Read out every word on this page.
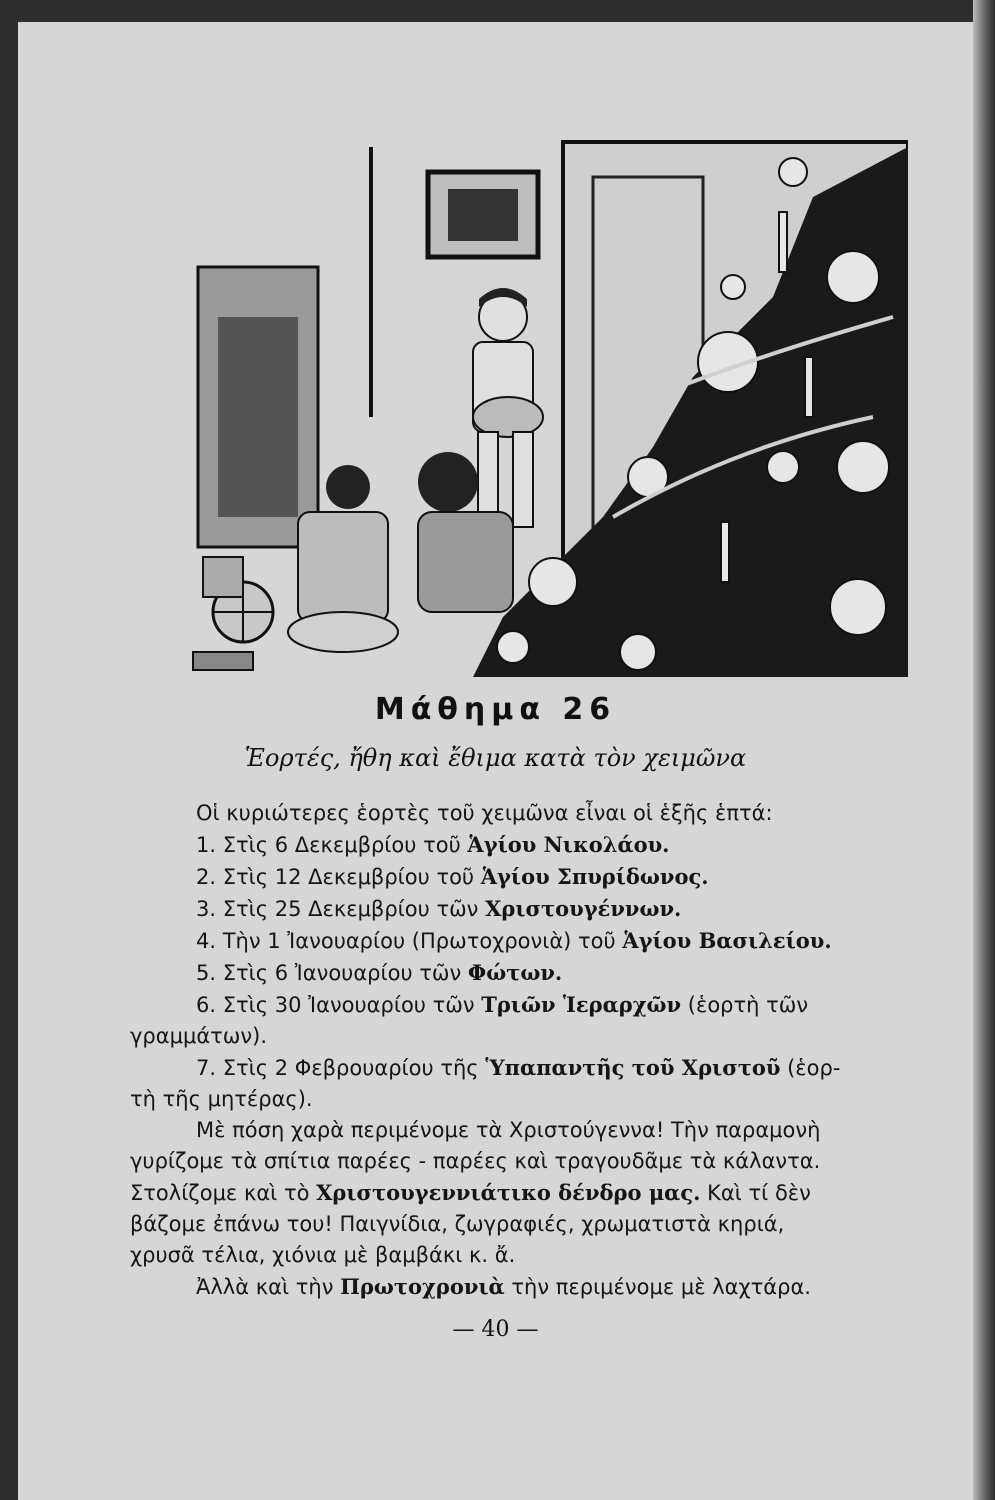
Μάθημα 26
Ἑορτές, ἤθη καὶ ἔθιμα κατὰ τὸν χειμῶνα
Οἱ κυριώτερες ἑορτὲς τοῦ χειμῶνα εἶναι οἱ ἑξῆς ἑπτά:
1. Στὶς 6 Δεκεμβρίου τοῦ Ἁγίου Νικολάου.
2. Στὶς 12 Δεκεμβρίου τοῦ Ἁγίου Σπυρίδωνος.
3. Στὶς 25 Δεκεμβρίου τῶν Χριστουγέννων.
4. Τὴν 1 Ἰανουαρίου (Πρωτοχρονιὰ) τοῦ Ἁγίου Βασιλείου.
5. Στὶς 6 Ἰανουαρίου τῶν Φώτων.
6. Στὶς 30 Ἰανουαρίου τῶν Τριῶν Ἱεραρχῶν (ἑορτὴ τῶν
γραμμάτων).
7. Στὶς 2 Φεβρουαρίου τῆς Ὑπαπαντῆς τοῦ Χριστοῦ (ἑορ-
τὴ τῆς μητέρας).
Μὲ πόση χαρὰ περιμένομε τὰ Χριστούγεννα! Τὴν παραμονὴ
γυρίζομε τὰ σπίτια παρέες - παρέες καὶ τραγουδᾶμε τὰ κάλαντα.
Στολίζομε καὶ τὸ Χριστουγεννιάτικο δένδρο μας. Καὶ τί δὲν
βάζομε ἐπάνω του! Παιγνίδια, ζωγραφιές, χρωματιστὰ κηριά,
χρυσᾶ τέλια, χιόνια μὲ βαμβάκι κ. ἄ.
Ἀλλὰ καὶ τὴν Πρωτοχρονιὰ τὴν περιμένομε μὲ λαχτάρα.
— 40 —
